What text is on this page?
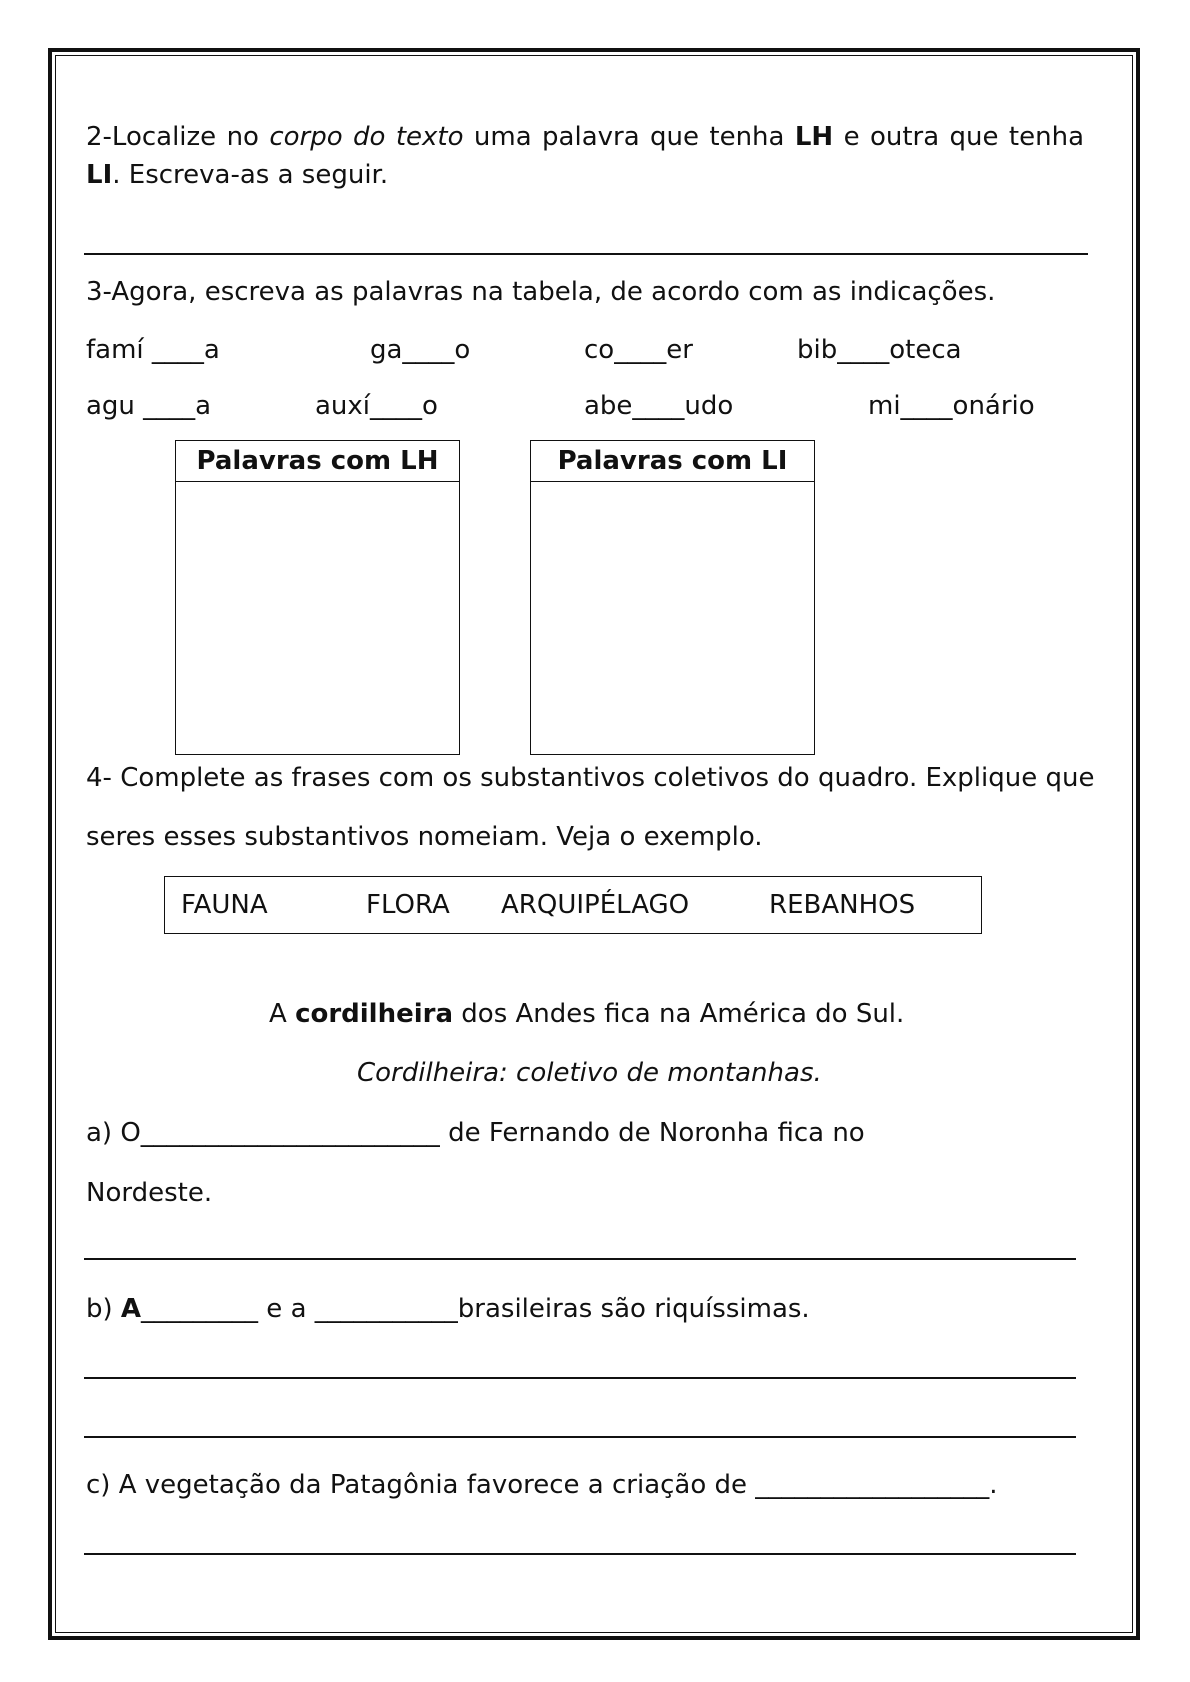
2-Localize no corpo do texto uma palavra que tenha LH e outra que tenha
LI. Escreva-as a seguir.
3-Agora, escreva as palavras na tabela, de acordo com as indicações.
famí ____a	ga____o	co____er	bib____oteca
agu ____a	auxí____o	abe____udo	mi____onário
Palavras com LH	Palavras com LI
4- Complete as frases com os substantivos coletivos do quadro. Explique que
seres esses substantivos nomeiam. Veja o exemplo.
FAUNA	FLORA ARQUIPÉLAGO	REBANHOS
A cordilheira dos Andes fica na América do Sul.
Cordilheira: coletivo de montanhas.
a) O_______________________ de Fernando de Noronha fica no
Nordeste.
b) A_________ e a ___________brasileiras são riquíssimas.
c) A vegetação da Patagônia favorece a criação de __________________.
